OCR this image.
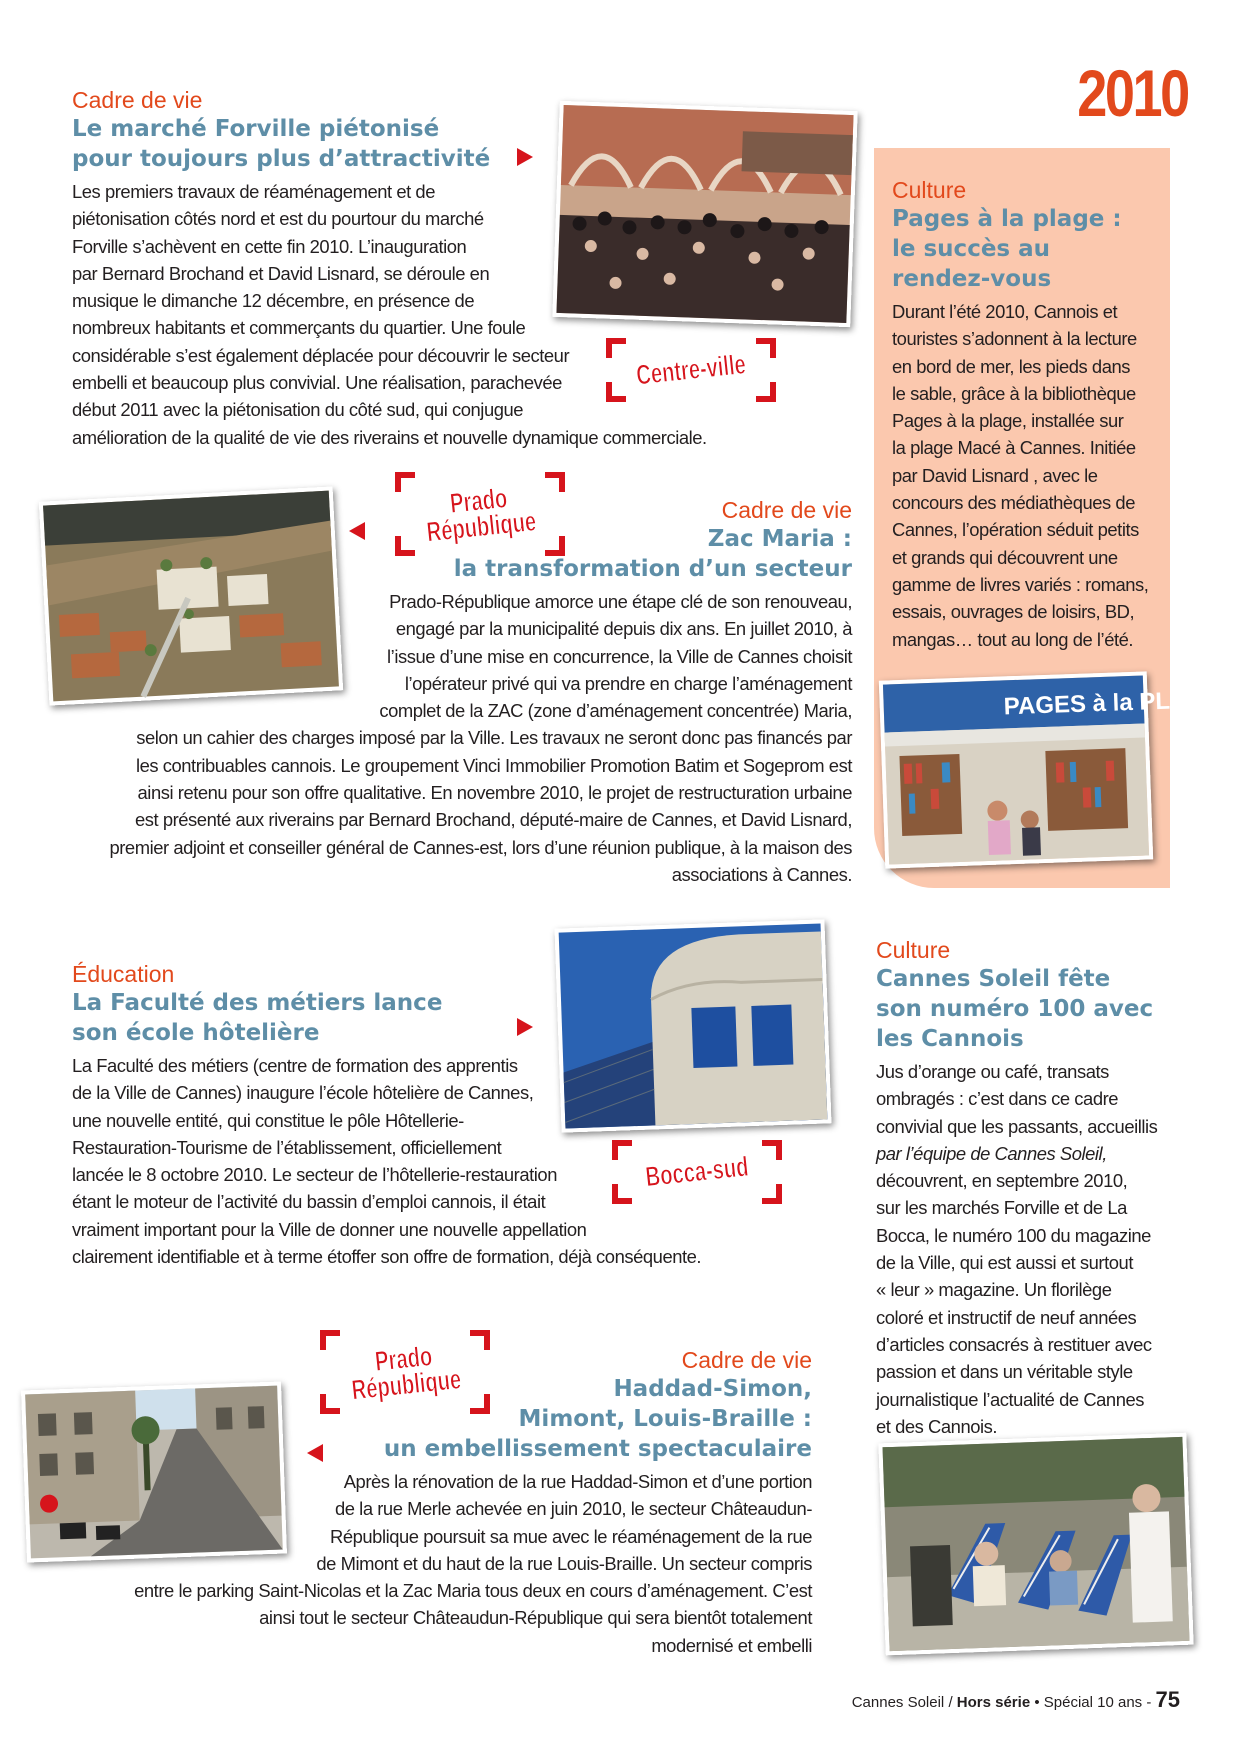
2010
Cadre de vie
Le marché Forville piétonisé
pour toujours plus d’attractivité
Les premiers travaux de réaménagement et de
piétonisation côtés nord et est du pourtour du marché
Forville s’achèvent en cette fin 2010. L’inauguration
par Bernard Brochand et David Lisnard, se déroule en
musique le dimanche 12 décembre, en présence de
nombreux habitants et commerçants du quartier. Une foule
considérable s’est également déplacée pour découvrir le secteur
embelli et beaucoup plus convivial. Une réalisation, parachevée
début 2011 avec la piétonisation du côté sud, qui conjugue
amélioration de la qualité de vie des riverains et nouvelle dynamique commerciale.
Centre-ville
Prado
République	Cadre de vie
Zac Maria :
la transformation d’un secteur
Prado-République amorce une étape clé de son renouveau,
engagé par la municipalité depuis dix ans. En juillet 2010, à
l’issue d’une mise en concurrence, la Ville de Cannes choisit
l’opérateur privé qui va prendre en charge l’aménagement
complet de la ZAC (zone d’aménagement concentrée) Maria,
selon un cahier des charges imposé par la Ville. Les travaux ne seront donc pas financés par
les contribuables cannois. Le groupement Vinci Immobilier Promotion Batim et Sogeprom est
ainsi retenu pour son offre qualitative. En novembre 2010, le projet de restructuration urbaine
est présenté aux riverains par Bernard Brochand, député-maire de Cannes, et David Lisnard,
premier adjoint et conseiller général de Cannes-est, lors d’une réunion publique, à la maison des
associations à Cannes.
Culture
Pages à la plage :
le succès au
rendez-vous
Durant l’été 2010, Cannois et
touristes s’adonnent à la lecture
en bord de mer, les pieds dans
le sable, grâce à la bibliothèque
Pages à la plage, installée sur
la plage Macé à Cannes. Initiée
par David Lisnard , avec le
concours des médiathèques de
Cannes, l’opération séduit petits
et grands qui découvrent une
gamme de livres variés : romans,
essais, ouvrages de loisirs, BD,
mangas… tout au long de l’été.
PAGES à la PLAGE
Éducation
La Faculté des métiers lance
son école hôtelière
La Faculté des métiers (centre de formation des apprentis
de la Ville de Cannes) inaugure l’école hôtelière de Cannes,
une nouvelle entité, qui constitue le pôle Hôtellerie-
Restauration-Tourisme de l’établissement, officiellement
lancée le 8 octobre 2010. Le secteur de l’hôtellerie-restauration
étant le moteur de l’activité du bassin d’emploi cannois, il était
vraiment important pour la Ville de donner une nouvelle appellation
clairement identifiable et à terme étoffer son offre de formation, déjà conséquente.
Bocca-sud
Prado
République
Cadre de vie
Haddad-Simon,
Mimont, Louis-Braille :
un embellissement spectaculaire
Après la rénovation de la rue Haddad-Simon et d’une portion
de la rue Merle achevée en juin 2010, le secteur Châteaudun-
République poursuit sa mue avec le réaménagement de la rue
de Mimont et du haut de la rue Louis-Braille. Un secteur compris
entre le parking Saint-Nicolas et la Zac Maria tous deux en cours d’aménagement. C’est
ainsi tout le secteur Châteaudun-République qui sera bientôt totalement
modernisé et embelli
Culture
Cannes Soleil fête
son numéro 100 avec
les Cannois
Jus d’orange ou café, transats
ombragés : c’est dans ce cadre
convivial que les passants, accueillis
par l’équipe de Cannes Soleil,
découvrent, en septembre 2010,
sur les marchés Forville et de La
Bocca, le numéro 100 du magazine
de la Ville, qui est aussi et surtout
« leur » magazine. Un florilège
coloré et instructif de neuf années
d’articles consacrés à restituer avec
passion et dans un véritable style
journalistique l’actualité de Cannes
et des Cannois.
Cannes Soleil / Hors série • Spécial 10 ans - 75
